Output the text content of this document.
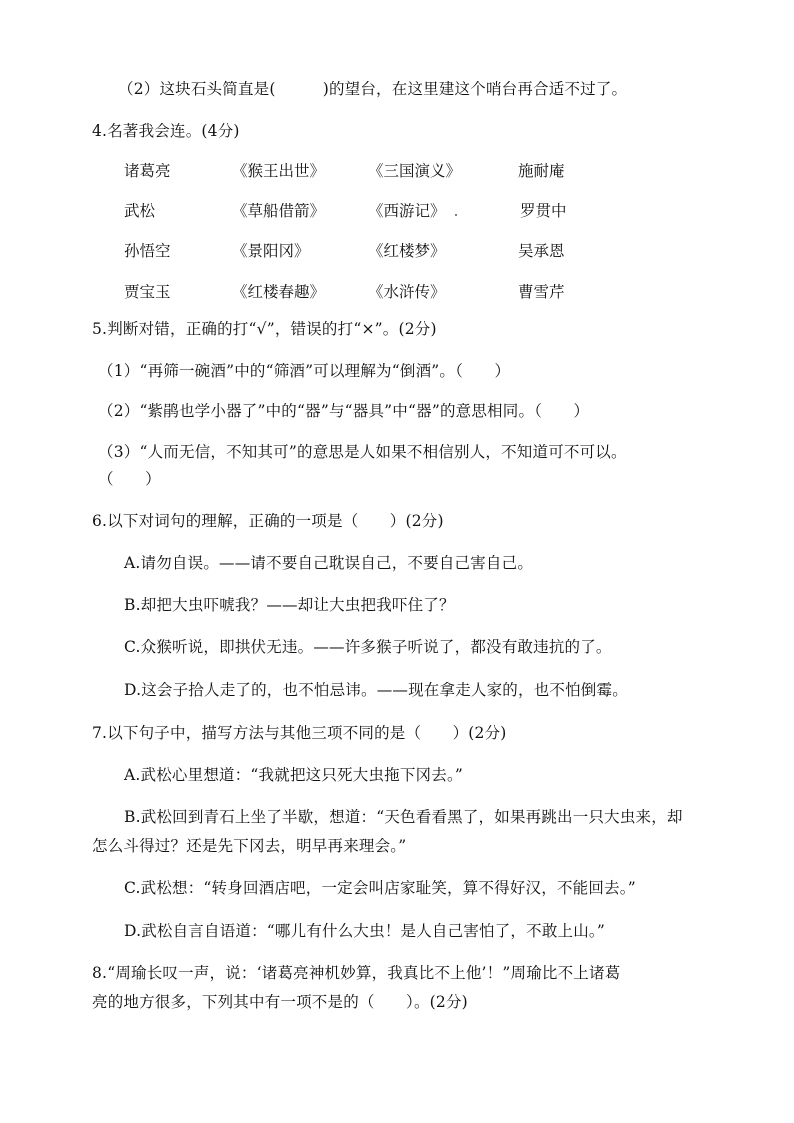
（2）这块石头简直是(　　　)的望台，在这里建这个哨台再合适不过了。
4.名著我会连。(4分)
诸葛亮	《猴王出世》	《三国演义》	施耐庵
武松	《草船借箭》	《西游记》	罗贯中
孙悟空	《景阳冈》	《红楼梦》	吴承恩
贾宝玉	《红楼春趣》	《水浒传》	曹雪芹
5.判断对错，正确的打“√”，错误的打“×”。(2分)
（1）“再筛一碗酒”中的“筛酒”可以理解为“倒酒”。（　　）
（2）“紫鹃也学小器了”中的“器”与“器具”中“器”的意思相同。（　　）
（3）“人而无信，不知其可”的意思是人如果不相信别人，不知道可不可以。
（　　）
6.以下对词句的理解，正确的一项是（　　）(2分)
A.请勿自误。——请不要自己耽误自己，不要自己害自己。
B.却把大虫吓唬我？——却让大虫把我吓住了？
C.众猴听说，即拱伏无违。——许多猴子听说了，都没有敢违抗的了。
D.这会子拾人走了的，也不怕忌讳。——现在拿走人家的，也不怕倒霉。
7.以下句子中，描写方法与其他三项不同的是（　　）(2分)
A.武松心里想道：“我就把这只死大虫拖下冈去。”
B.武松回到青石上坐了半歇，想道：“天色看看黑了，如果再跳出一只大虫来，却
怎么斗得过？还是先下冈去，明早再来理会。”
C.武松想：“转身回酒店吧，一定会叫店家耻笑，算不得好汉，不能回去。”
D.武松自言自语道：“哪儿有什么大虫！是人自己害怕了，不敢上山。”
8.“周瑜长叹一声，说：‘诸葛亮神机妙算，我真比不上他’！”周瑜比不上诸葛
亮的地方很多，下列其中有一项不是的（　　）。(2分)
